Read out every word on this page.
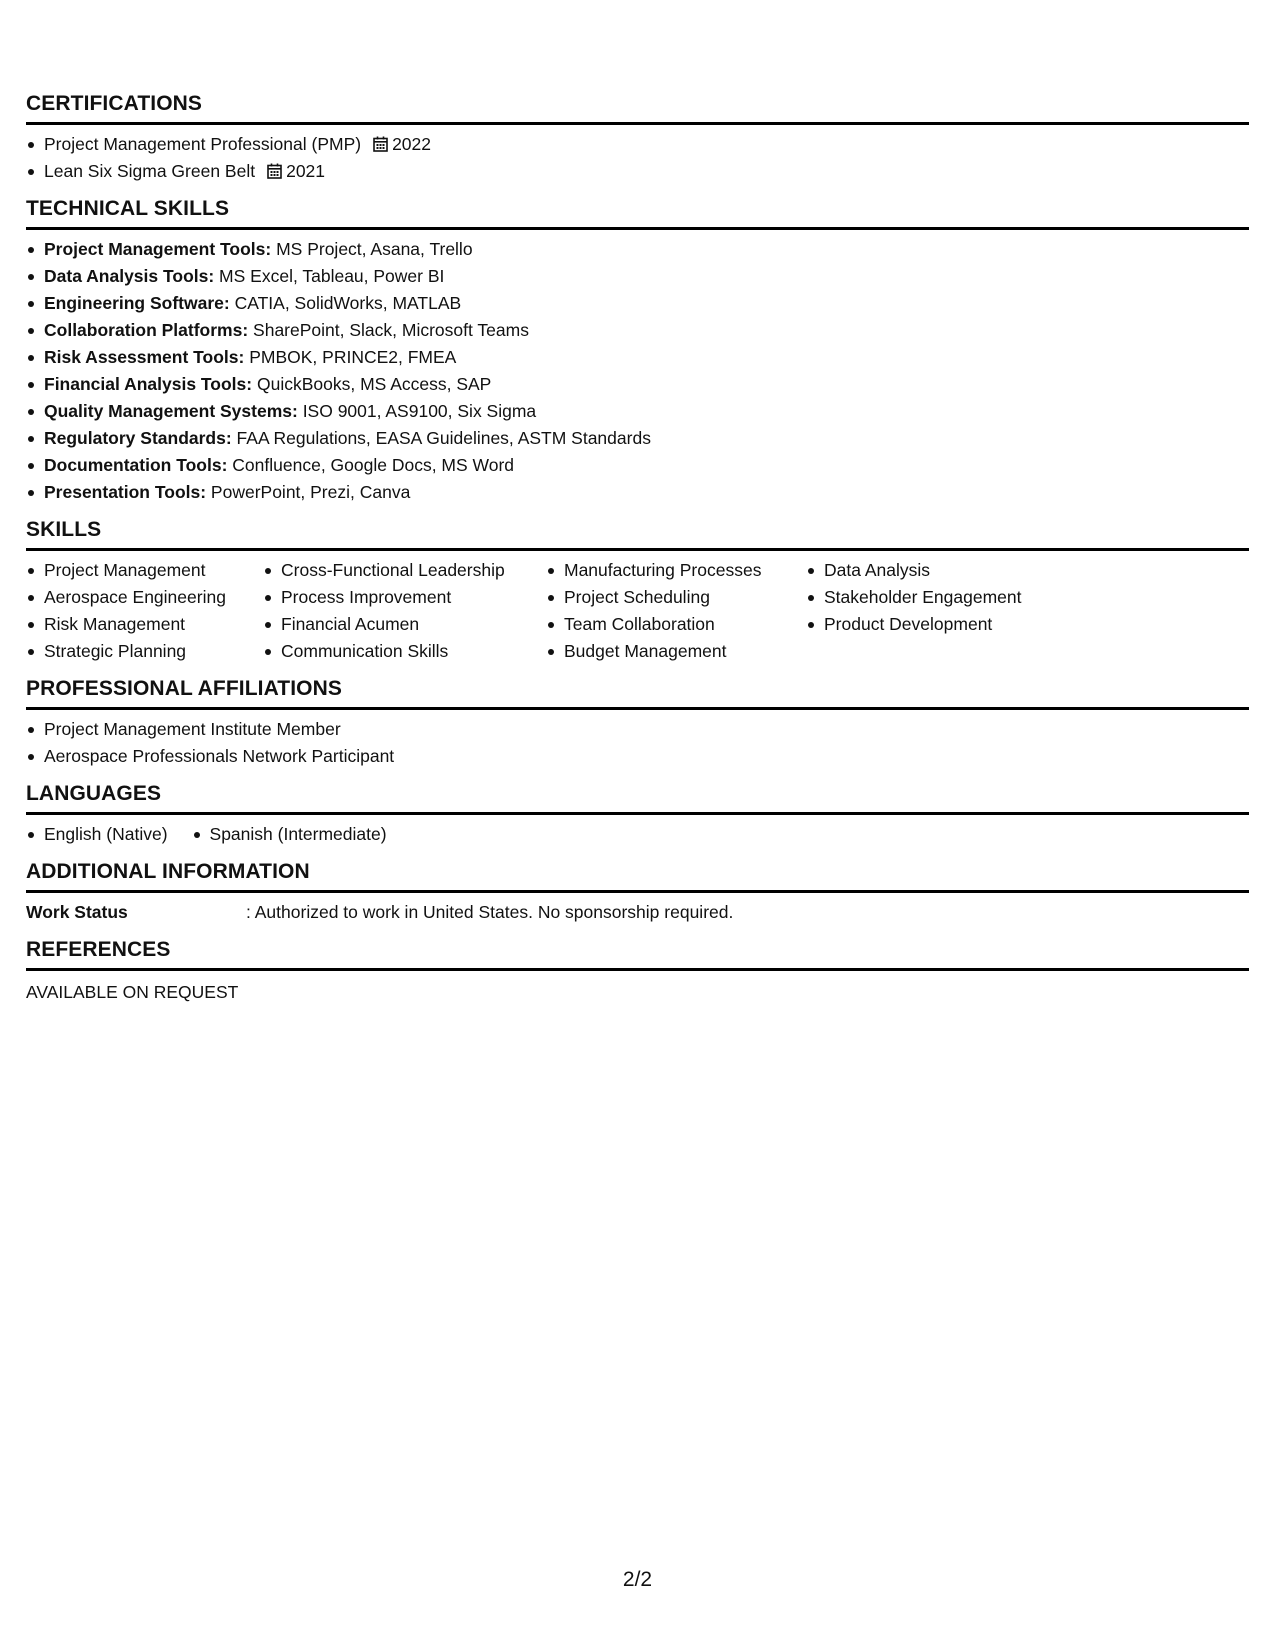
CERTIFICATIONS
Project Management Professional (PMP) 2022
Lean Six Sigma Green Belt 2021
TECHNICAL SKILLS
Project Management Tools: MS Project, Asana, Trello
Data Analysis Tools: MS Excel, Tableau, Power BI
Engineering Software: CATIA, SolidWorks, MATLAB
Collaboration Platforms: SharePoint, Slack, Microsoft Teams
Risk Assessment Tools: PMBOK, PRINCE2, FMEA
Financial Analysis Tools: QuickBooks, MS Access, SAP
Quality Management Systems: ISO 9001, AS9100, Six Sigma
Regulatory Standards: FAA Regulations, EASA Guidelines, ASTM Standards
Documentation Tools: Confluence, Google Docs, MS Word
Presentation Tools: PowerPoint, Prezi, Canva
SKILLS
Project Management
Aerospace Engineering
Risk Management
Strategic Planning
Cross-Functional Leadership
Process Improvement
Financial Acumen
Communication Skills
Manufacturing Processes
Project Scheduling
Team Collaboration
Budget Management
Data Analysis
Stakeholder Engagement
Product Development
PROFESSIONAL AFFILIATIONS
Project Management Institute Member
Aerospace Professionals Network Participant
LANGUAGES
English (Native)	Spanish (Intermediate)
ADDITIONAL INFORMATION
Work Status	: Authorized to work in United States. No sponsorship required.
REFERENCES
AVAILABLE ON REQUEST
2/2
